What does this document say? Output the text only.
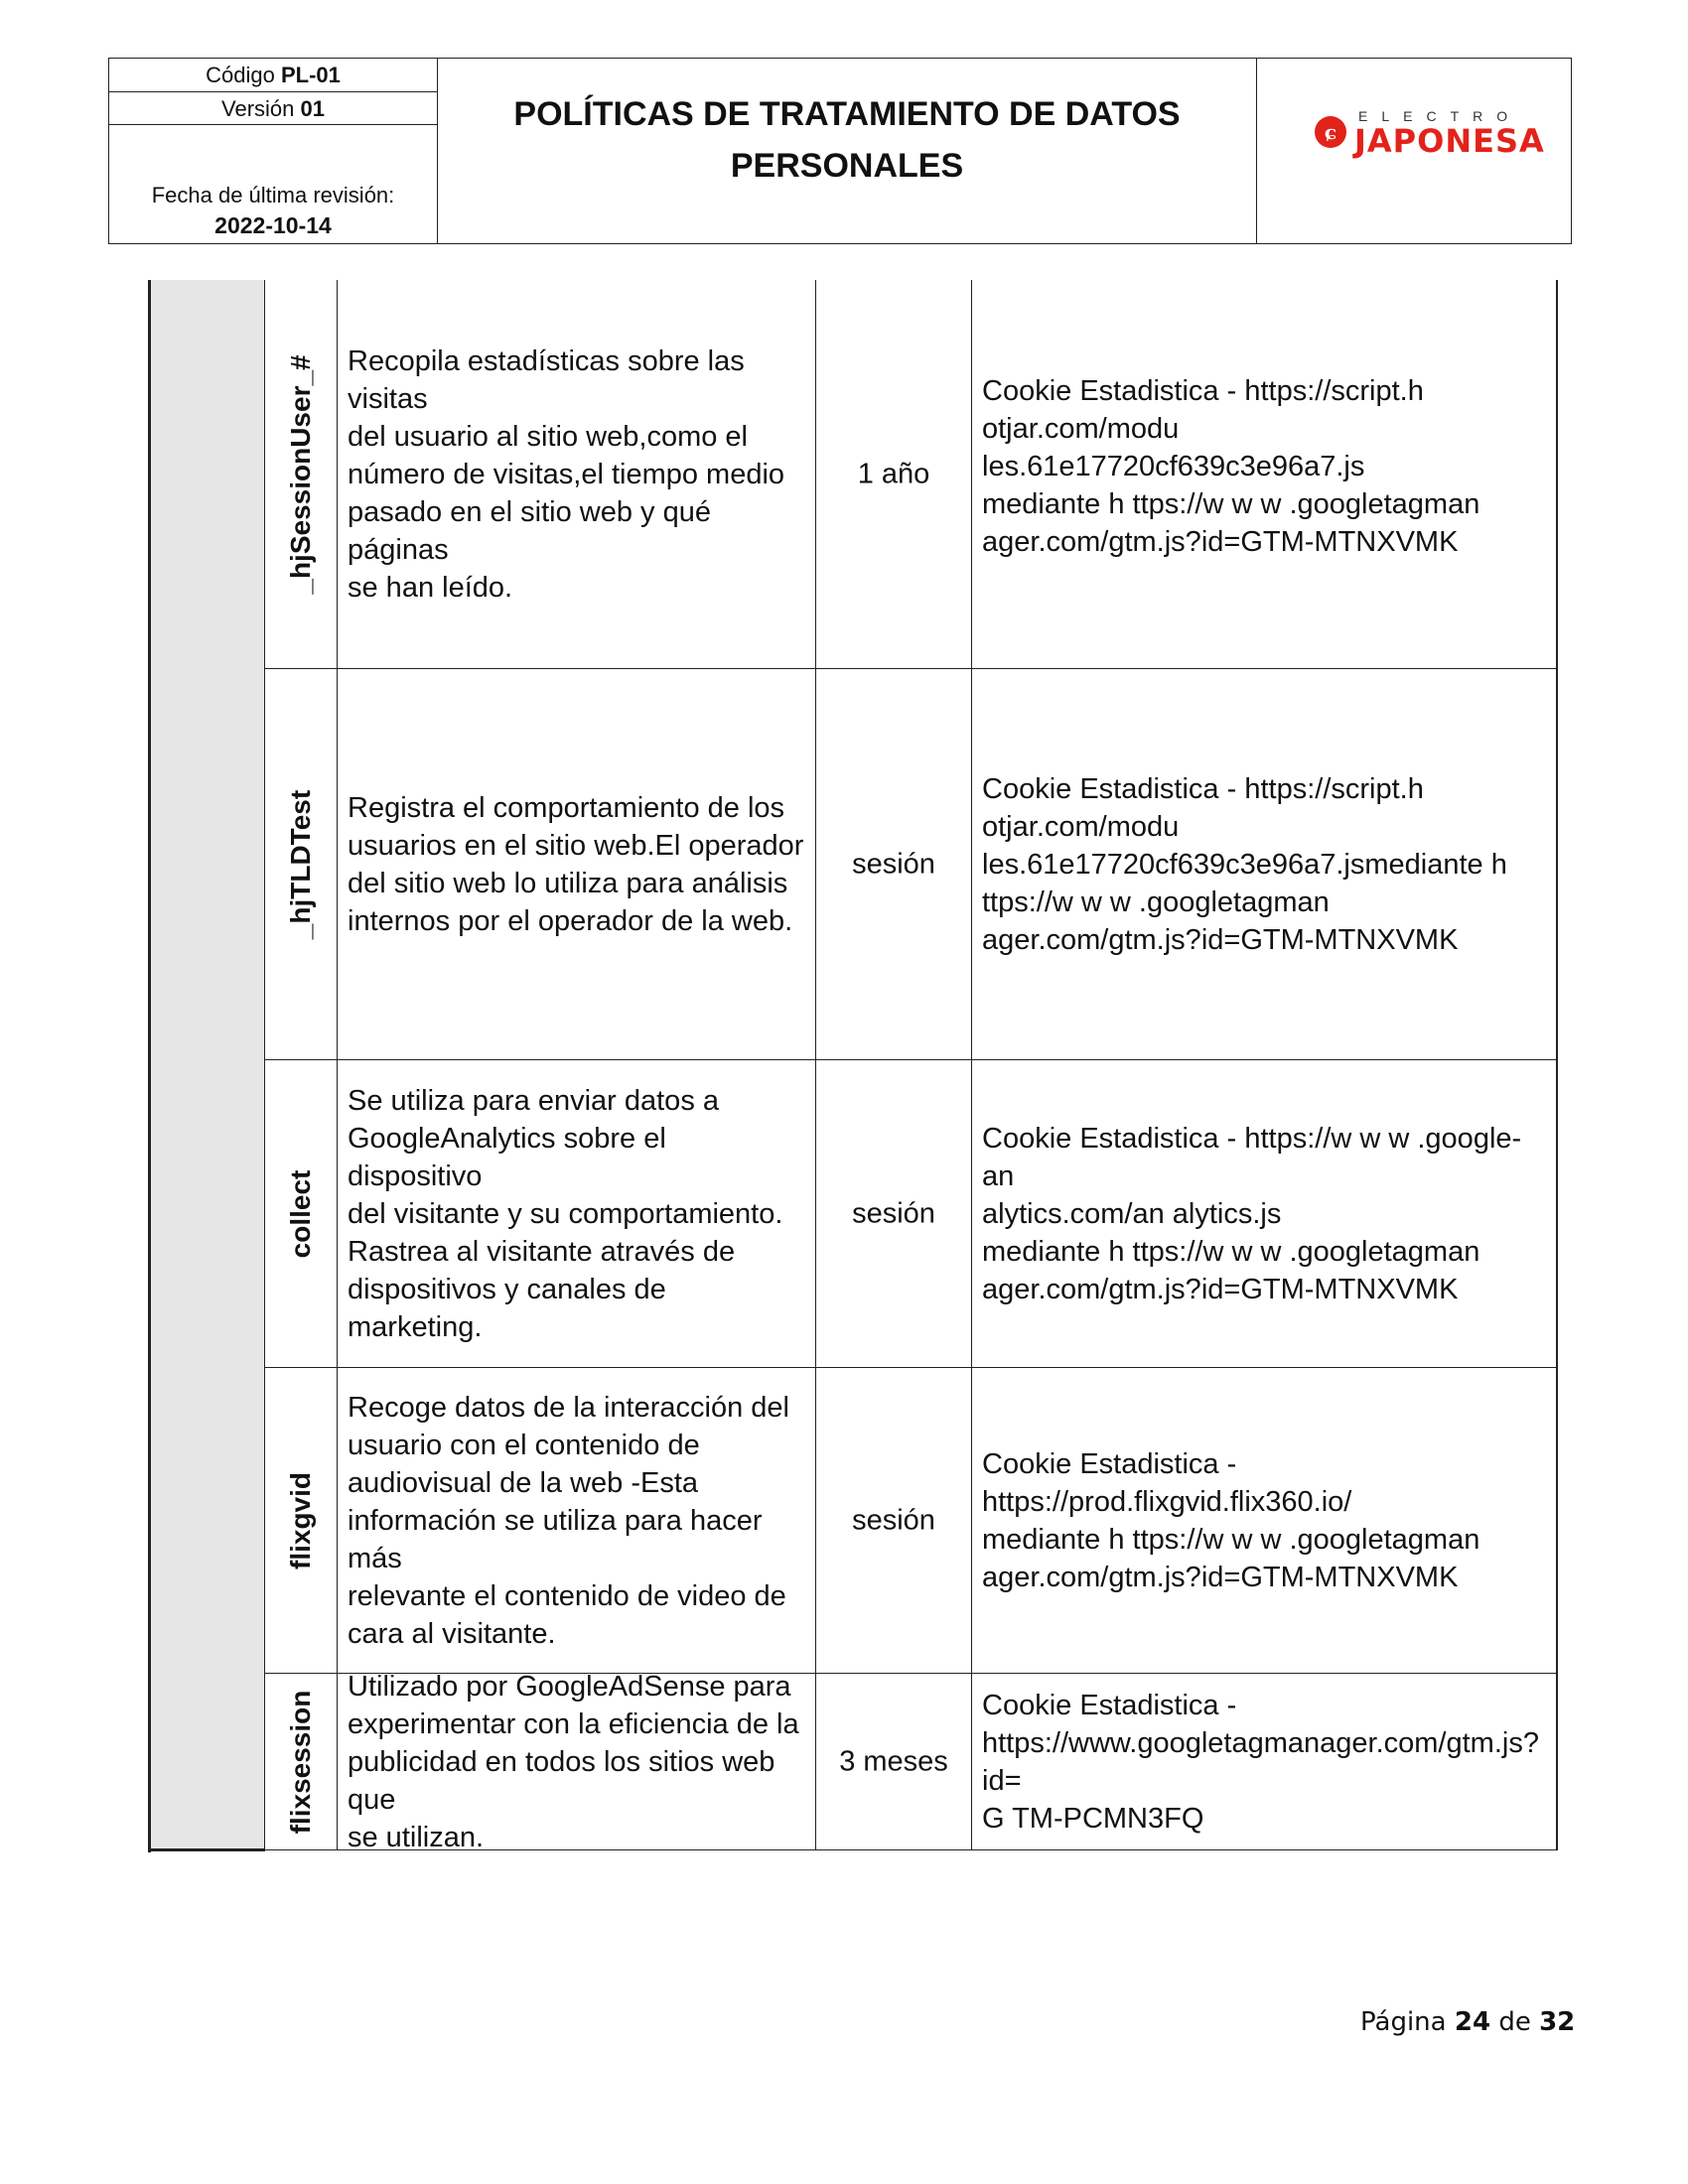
Código PL-01
Versión 01
Fecha de última revisión:
2022-10-14
POLÍTICAS DE TRATAMIENTO DE DATOS
PERSONALES
ɕ
ELECTRO
JAPONESA
_hjSessionUser_# Recopila estadísticas sobre las visitas
del usuario al sitio web,como el
número de visitas,el tiempo medio
pasado en el sitio web y qué páginas
se han leído.
1 año
Cookie Estadistica - https://script.h
otjar.com/modu les.61e17720cf639c3e96a7.js
mediante h ttps://w w w .googletagman
ager.com/gtm.js?id=GTM-MTNXVMK
_hjTLDTest Registra el comportamiento de los
usuarios en el sitio web.El operador
del sitio web lo utiliza para análisis
internos por el operador de la web.
sesión
Cookie Estadistica - https://script.h
otjar.com/modu
les.61e17720cf639c3e96a7.jsmediante h
ttps://w w w .googletagman
ager.com/gtm.js?id=GTM-MTNXVMK
collect
Se utiliza para enviar datos a
GoogleAnalytics sobre el dispositivo
del visitante y su comportamiento.
Rastrea al visitante através de
dispositivos y canales de marketing.
sesión
Cookie Estadistica - https://w w w .google-an
alytics.com/an alytics.js
mediante h ttps://w w w .googletagman
ager.com/gtm.js?id=GTM-MTNXVMK
flixgvid
Recoge datos de la interacción del
usuario con el contenido de
audiovisual de la web -Esta
información se utiliza para hacer más
relevante el contenido de video de
cara al visitante.
sesión
Cookie Estadistica -
https://prod.flixgvid.flix360.io/
mediante h ttps://w w w .googletagman
ager.com/gtm.js?id=GTM-MTNXVMK
flixsession
Utilizado por GoogleAdSense para
experimentar con la eficiencia de la
publicidad en todos los sitios web que
se utilizan.
3 meses
Cookie Estadistica -
https://www.googletagmanager.com/gtm.js?id=
G TM-PCMN3FQ
Página 24 de 32
